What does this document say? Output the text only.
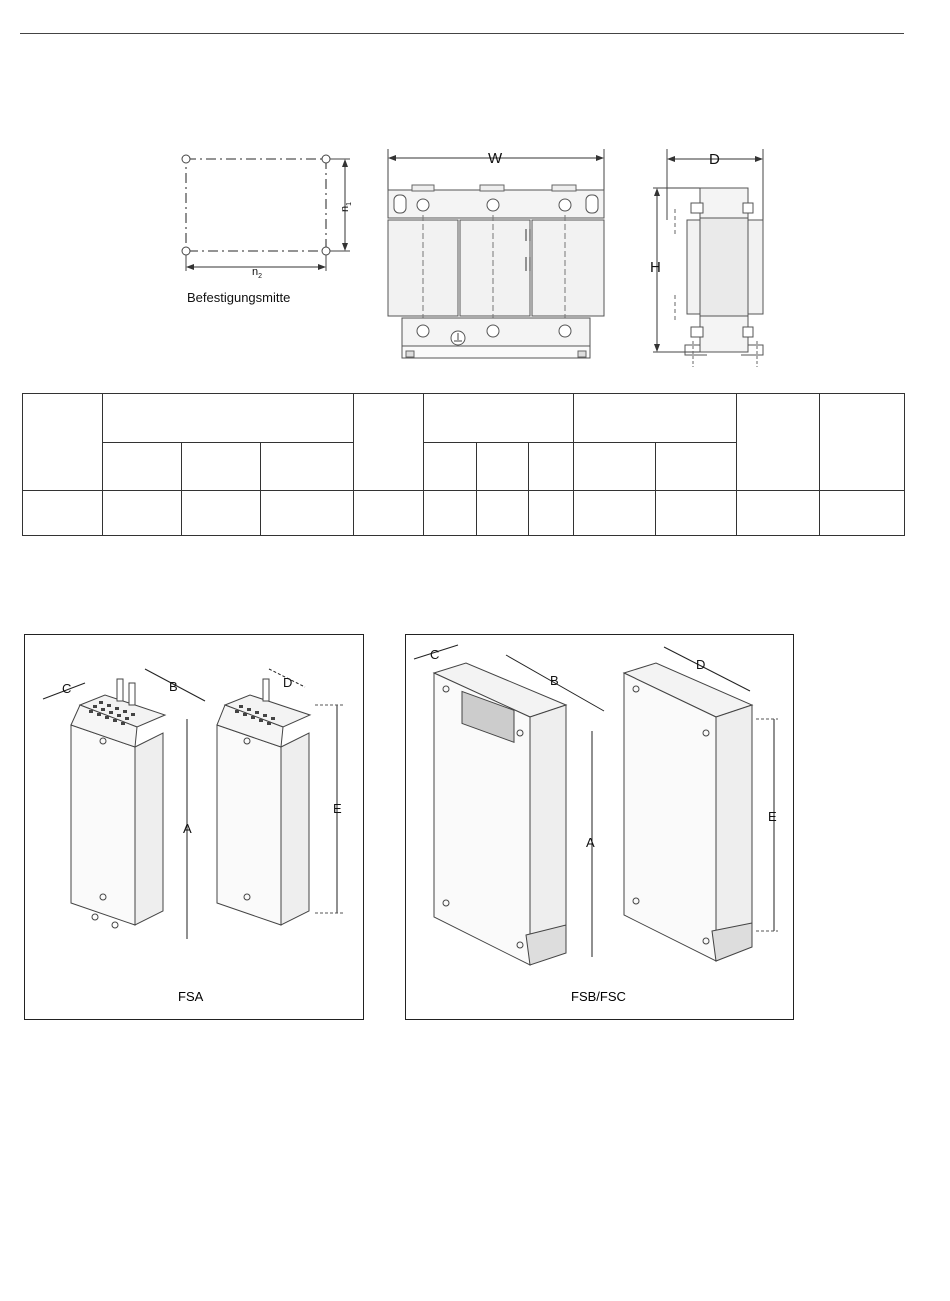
$n_1$
$n_2$
Befestigungsmitte
W	D
H

A
B
C	D
E
FSA
A
B
C
D
E
FSB/FSC
